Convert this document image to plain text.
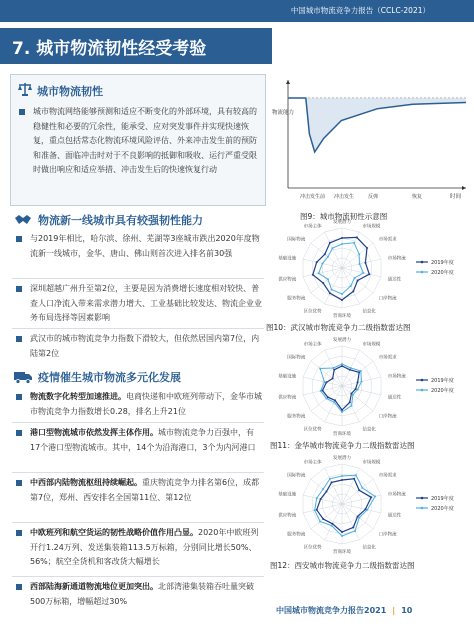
中国城市物流竞争力报告（CCLC-2021）
7. 城市物流韧性经受考验
城市物流韧性
城市物流网络能够预测和适应不断变化的外部环境，具有较高的稳健性和必要的冗余性，能承受、应对突发事件并实现快速恢复，重点包括常态化物流环境风险评估、外来冲击发生前的预防和准备、面临冲击时对于不良影响的抵御和吸收、运行严重受限时做出响应和适应举措、冲击发生后的快速恢复行动
物流能力
时间
冲击发生前 冲击发生	反弹	恢复
图9：城市物流韧性示意图
物流新一线城市具有较强韧性能力
与2019年相比，哈尔滨、徐州、芜湖等3座城市跌出2020年度物流新一线城市，金华、唐山、佛山则首次进入排名前30强
深圳超越广州升至第2位，主要是因为消费增长速度相对较快、普查人口净流入带来需求潜力增大、工业基础比较发达、物流企业业务布局选择等因素影响
武汉市的城市物流竞争力指数下滑较大，但依然居国内第7位，内陆第2位
疫情催生城市物流多元化发展
物流数字化转型加速推进。电商快递和中欧班列带动下，金华市城市物流竞争力指数增长0.28，排名上升21位
港口型物流城市依然发挥主体作用。城市物流竞争力百强中，有17个港口型物流城市。其中，14个为沿海港口，3个为内河港口
中西部内陆物流枢纽持续崛起。重庆物流竞争力排名第6位，成都第7位，郑州、西安排名全国第11位、第12位
中欧班列和航空货运的韧性战略价值作用凸显。2020年中欧班列开行1.24万列、发送集装箱113.5万标箱，分别同比增长50%、56%；航空全货机和客改货大幅增长
西部陆海新通道物流地位更加突出。北部湾港集装箱吞吐量突破500万标箱，增幅超过30%
发展潜力
市场规模
市场需求
市场物流
通达性
口岸物流
信息化
营商环境
区位优势
服务物流
供应物流
基础设施
国际物流
市场主体
2019年度
2020年度
图10：武汉城市物流竞争力二级指数雷达图
发展潜力
市场规模
市场需求
市场物流
通达性
口岸物流
信息化
营商环境
区位优势
服务物流
供应物流
基础设施
国际物流
市场主体
2019年度
2020年度
图11：金华城市物流竞争力二级指数雷达图
发展潜力
市场规模
市场需求
市场物流
通达性
口岸物流
信息化
营商环境
区位优势
服务物流
供应物流
基础设施
国际物流
市场主体
2019年度
2020年度
图12：西安城市物流竞争力二级指数雷达图
中国城市物流竞争力报告2021 | 10
